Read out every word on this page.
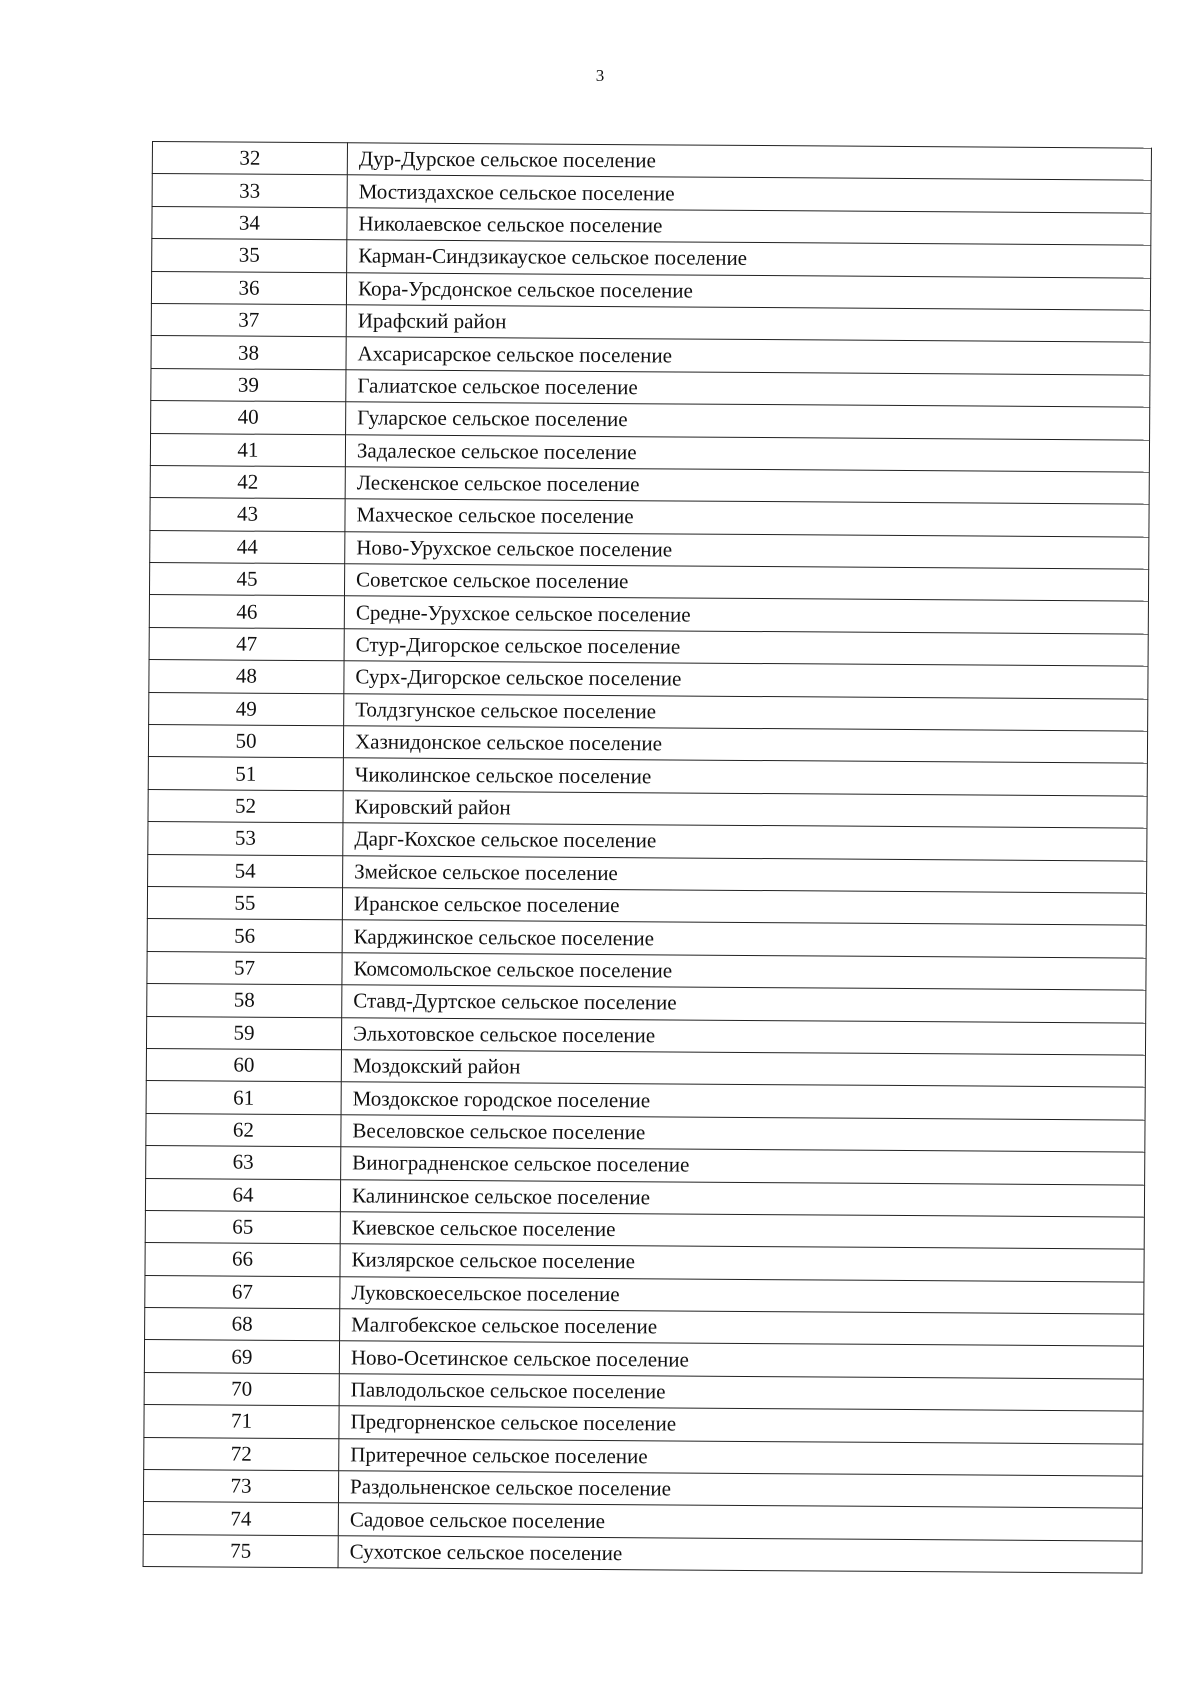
3
32	Дур-Дурское сельское поселение
33	Мостиздахское сельское поселение
34	Николаевское сельское поселение
35	Карман-Синдзикауское сельское поселение
36	Кора-Урсдонское сельское поселение
37	Ирафский район
38	Ахсарисарское сельское поселение
39	Галиатское сельское поселение
40	Гуларское сельское поселение
41	Задалеское сельское поселение
42	Лескенское сельское поселение
43	Махческое сельское поселение
44	Ново-Урухское сельское поселение
45	Советское сельское поселение
46	Средне-Урухское сельское поселение
47	Стур-Дигорское сельское поселение
48	Сурх-Дигорское сельское поселение
49	Толдзгунское сельское поселение
50	Хазнидонское сельское поселение
51	Чиколинское сельское поселение
52	Кировский район
53	Дарг-Кохское сельское поселение
54	Змейское сельское поселение
55	Иранское сельское поселение
56	Карджинское сельское поселение
57	Комсомольское сельское поселение
58	Ставд-Дуртское сельское поселение
59	Эльхотовское сельское поселение
60	Моздокский район
61	Моздокское городское поселение
62	Веселовское сельское поселение
63	Виноградненское сельское поселение
64	Калининское сельское поселение
65	Киевское сельское поселение
66	Кизлярское сельское поселение
67	Луковскоесельское поселение
68	Малгобекское сельское поселение
69	Ново-Осетинское сельское поселение
70	Павлодольское сельское поселение
71	Предгорненское сельское поселение
72	Притеречное сельское поселение
73	Раздольненское сельское поселение
74	Садовое сельское поселение
75	Сухотское сельское поселение
